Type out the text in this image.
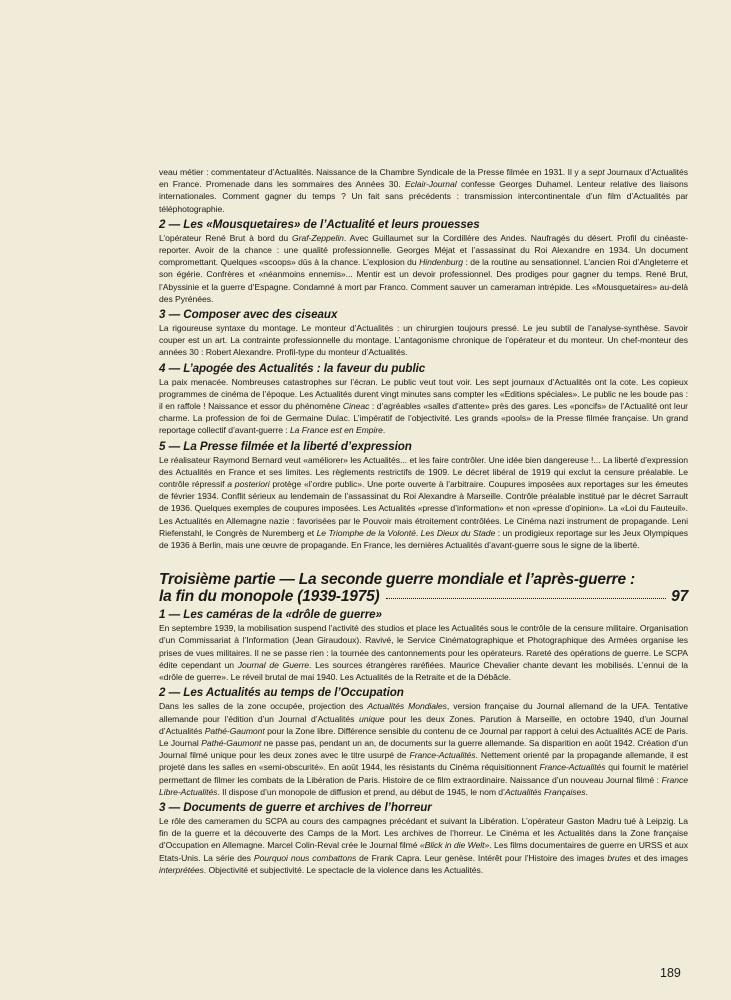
veau métier : commentateur d’Actualités. Naissance de la Chambre Syndicale de la Presse filmée en 1931. Il y a sept Journaux d’Actualités en France. Promenade dans les sommaires des Années 30. Eclair-Journal confesse Georges Duhamel. Lenteur relative des liaisons internationales. Comment gagner du temps ? Un fait sans précédents : transmission intercontinentale d’un film d’Actualités par téléphotographie.

2 — Les «Mousquetaires» de l’Actualité et leurs prouesses

L’opérateur René Brut à bord du Graf-Zeppelin. Avec Guillaumet sur la Cordillère des Andes. Naufragés du désert. Profil du cinéaste-reporter. Avoir de la chance : une qualité professionnelle. Georges Méjat et l’assassinat du Roi Alexandre en 1934. Un document compromettant. Quelques «scoops» dûs à la chance. L’explosion du Hindenburg : de la routine au sensationnel. L’ancien Roi d’Angleterre et son égérie. Confrères et «néanmoins ennemis»... Mentir est un devoir professionnel. Des prodiges pour gagner du temps. René Brut, l’Abyssinie et la guerre d’Espagne. Condamné à mort par Franco. Comment sauver un cameraman intrépide. Les «Mousquetaires» au-delà des Pyrénées.

3 — Composer avec des ciseaux

La rigoureuse syntaxe du montage. Le monteur d’Actualités : un chirurgien toujours pressé. Le jeu subtil de l’analyse-synthèse. Savoir couper est un art. La contrainte professionnelle du montage. L’antagonisme chronique de l’opérateur et du monteur. Un chef-monteur des années 30 : Robert Alexandre. Profil-type du monteur d’Actualités.

4 — L’apogée des Actualités : la faveur du public

La paix menacée. Nombreuses catastrophes sur l’écran. Le public veut tout voir. Les sept journaux d’Actualités ont la cote. Les copieux programmes de cinéma de l’époque. Les Actualités durent vingt minutes sans compter les «Editions spéciales». Le public ne les boude pas : il en raffole ! Naissance et essor du phénomène Cineac : d’agréables «salles d’attente» près des gares. Les «poncifs» de l’Actualité ont leur charme. La profession de foi de Germaine Dulac. L’impératif de l’objectivité. Les grands «pools» de la Presse filmée française. Un grand reportage collectif d’avant-guerre : La France est en Empire.

5 — La Presse filmée et la liberté d’expression

Le réalisateur Raymond Bernard veut «améliorer» les Actualités... et les faire contrôler. Une idée bien dangereuse !... La liberté d’expression des Actualités en France et ses limites. Les règlements restrictifs de 1909. Le décret libéral de 1919 qui exclut la censure préalable. Le contrôle répressif a posteriori protège «l’ordre public». Une porte ouverte à l’arbitraire. Coupures imposées aux reportages sur les émeutes de février 1934. Conflit sérieux au lendemain de l’assassinat du Roi Alexandre à Marseille. Contrôle préalable institué par le décret Sarrault de 1936. Quelques exemples de coupures imposées. Les Actualités «presse d’information» et non «presse d’opinion». La «Loi du Fauteuil». Les Actualités en Allemagne nazie : favorisées par le Pouvoir mais étroitement contrôlées. Le Cinéma nazi instrument de propagande. Leni Riefenstahl, le Congrès de Nuremberg et Le Triomphe de la Volonté. Les Dieux du Stade : un prodigieux reportage sur les Jeux Olympiques de 1936 à Berlin, mais une œuvre de propagande. En France, les dernières Actualités d’avant-guerre sous le signe de la liberté.

Troisième partie — La seconde guerre mondiale et l’après-guerre :
la fin du monopole (1939-1975)	97
1 — Les caméras de la «drôle de guerre»

En septembre 1939, la mobilisation suspend l’activité des studios et place les Actualités sous le contrôle de la censure militaire. Organisation d’un Commissariat à l’Information (Jean Giraudoux). Ravivé, le Service Cinématographique et Photographique des Armées organise les prises de vues militaires. Il ne se passe rien : la tournée des cantonnements pour les opérateurs. Rareté des opérations de guerre. Le SCPA édite cependant un Journal de Guerre. Les sources étrangères raréfiées. Maurice Chevalier chante devant les mobilisés. L’ennui de la «drôle de guerre». Le réveil brutal de mai 1940. Les Actualités de la Retraite et de la Débâcle.

2 — Les Actualités au temps de l’Occupation

Dans les salles de la zone occupée, projection des Actualités Mondiales, version française du Journal allemand de la UFA. Tentative allemande pour l’édition d’un Journal d’Actualités unique pour les deux Zones. Parution à Marseille, en octobre 1940, d’un Journal d’Actualités Pathé-Gaumont pour la Zone libre. Différence sensible du contenu de ce Journal par rapport à celui des Actualités ACE de Paris. Le Journal Pathé-Gaumont ne passe pas, pendant un an, de documents sur la guerre allemande. Sa disparition en août 1942. Création d’un Journal filmé unique pour les deux zones avec le titre usurpé de France-Actualités. Nettement orienté par la propagande allemande, il est projeté dans les salles en «semi-obscurité». En août 1944, les résistants du Cinéma réquisitionnent France-Actualités qui fournit le matériel permettant de filmer les combats de la Libération de Paris. Histoire de ce film extraordinaire. Naissance d’un nouveau Journal filmé : France Libre-Actualités. Il dispose d’un monopole de diffusion et prend, au début de 1945, le nom d’Actualités Françaises.

3 — Documents de guerre et archives de l’horreur

Le rôle des cameramen du SCPA au cours des campagnes précédant et suivant la Libération. L’opérateur Gaston Madru tué à Leipzig. La fin de la guerre et la découverte des Camps de la Mort. Les archives de l’horreur. Le Cinéma et les Actualités dans la Zone française d’Occupation en Allemagne. Marcel Colin-Reval crée le Journal filmé «Blick in die Welt». Les films documentaires de guerre en URSS et aux Etats-Unis. La série des Pourquoi nous combattons de Frank Capra. Leur genèse. Intérêt pour l’Histoire des images brutes et des images interprétées. Objectivité et subjectivité. Le spectacle de la violence dans les Actualités.

189
